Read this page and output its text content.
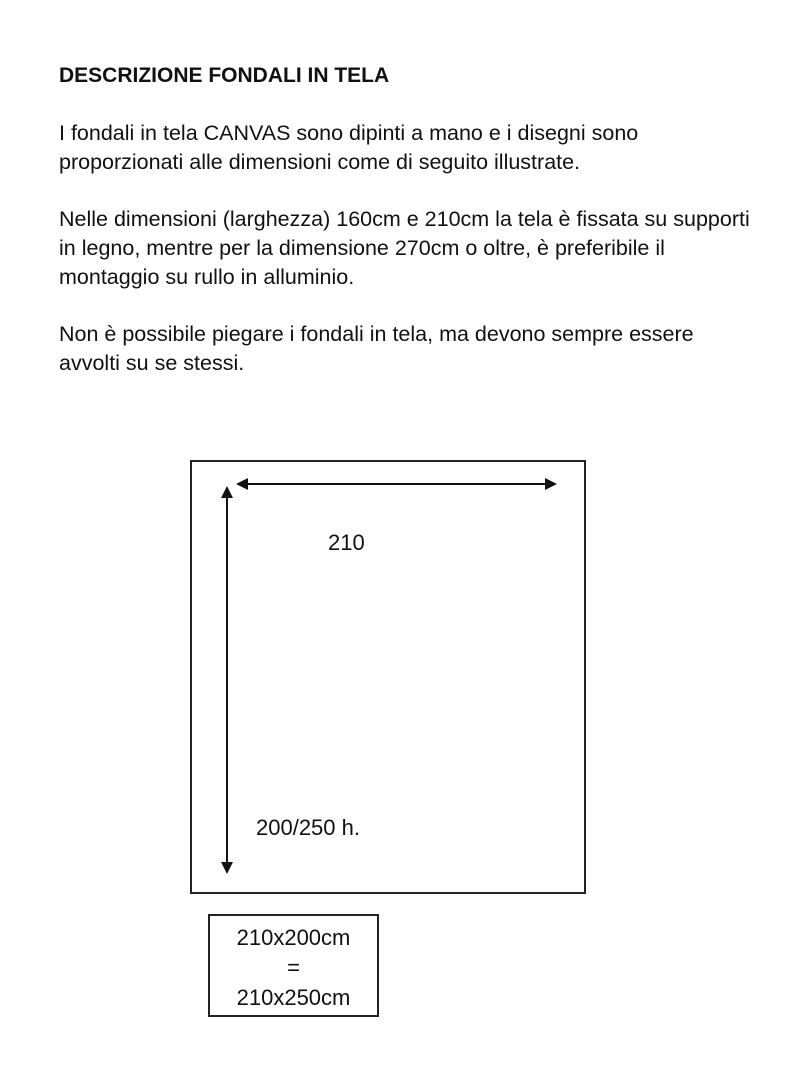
DESCRIZIONE FONDALI IN TELA

I fondali in tela CANVAS sono dipinti a mano e i disegni sono proporzionati alle dimensioni come di seguito illustrate.

Nelle dimensioni (larghezza) 160cm e 210cm la tela è fissata su supporti in legno, mentre per la dimensione 270cm o oltre, è preferibile il montaggio su rullo in alluminio.

Non è possibile piegare i fondali in tela, ma devono sempre essere avvolti su se stessi.

210
200/250 h.
210x200cm
=
210x250cm
